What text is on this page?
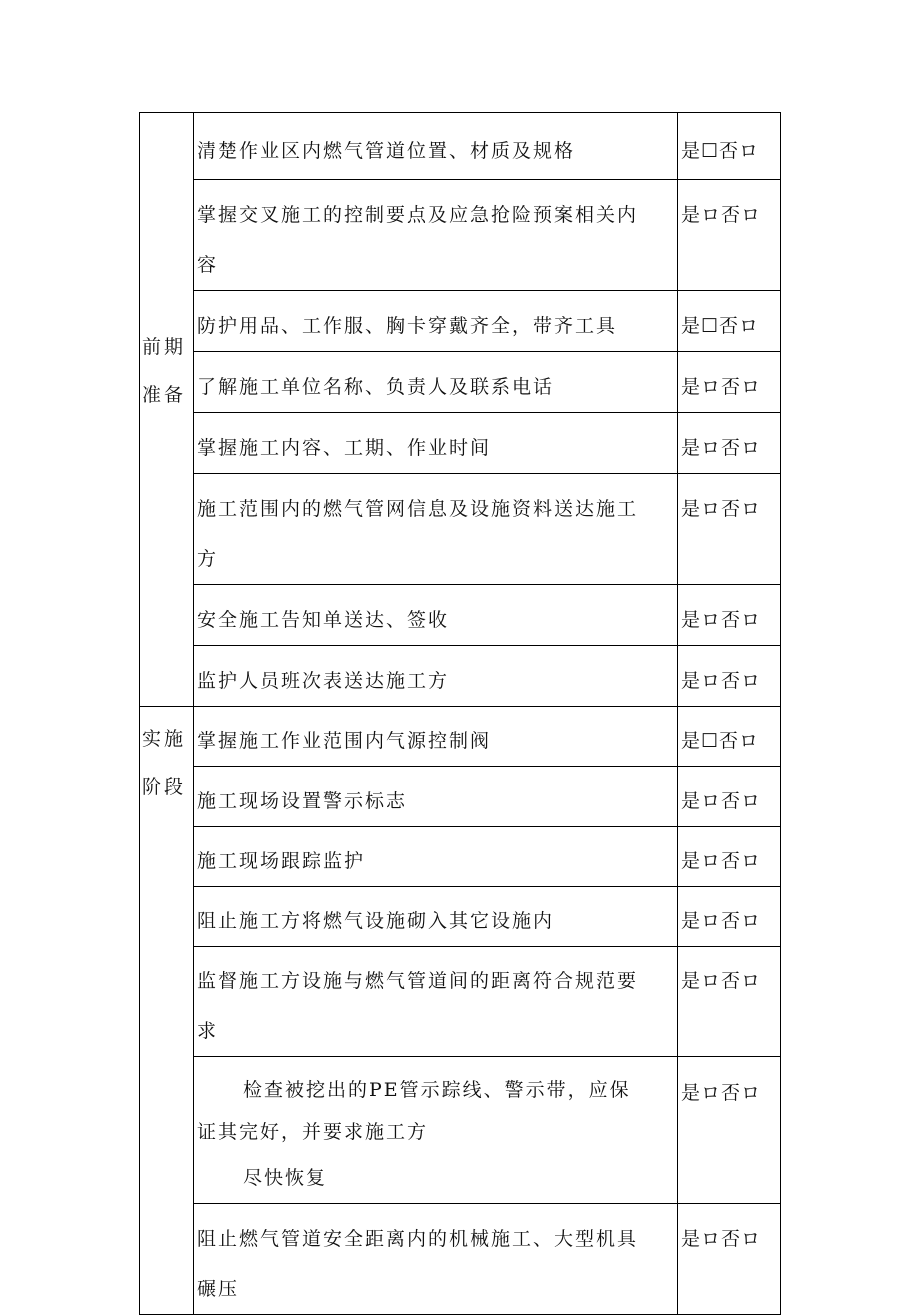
前期
准备	清楚作业区内燃气管道位置、材质及规格	是☐否ロ

	掌握交叉施工的控制要点及应急抢险预案相关内容	是ロ否ロ

	防护用品、工作服、胸卡穿戴齐全，带齐工具	是☐否ロ

	了解施工单位名称、负责人及联系电话	是ロ否ロ

	掌握施工内容、工期、作业时间	是ロ否ロ

	施工范围内的燃气管网信息及设施资料送达施工方	是ロ否ロ

	安全施工告知单送达、签收	是ロ否ロ

	监护人员班次表送达施工方	是ロ否ロ

实施
阶段	掌握施工作业范围内气源控制阀	是☐否ロ

	施工现场设置警示标志	是ロ否ロ

	施工现场跟踪监护	是ロ否ロ

	阻止施工方将燃气设施砌入其它设施内	是ロ否ロ

	监督施工方设施与燃气管道间的距离符合规范要求	是ロ否ロ

	检查被挖出的PE管示踪线、警示带，应保
证其完好，并要求施工方
尽快恢复	是ロ否ロ

	阻止燃气管道安全距离内的机械施工、大型机具碾压	是ロ否ロ
